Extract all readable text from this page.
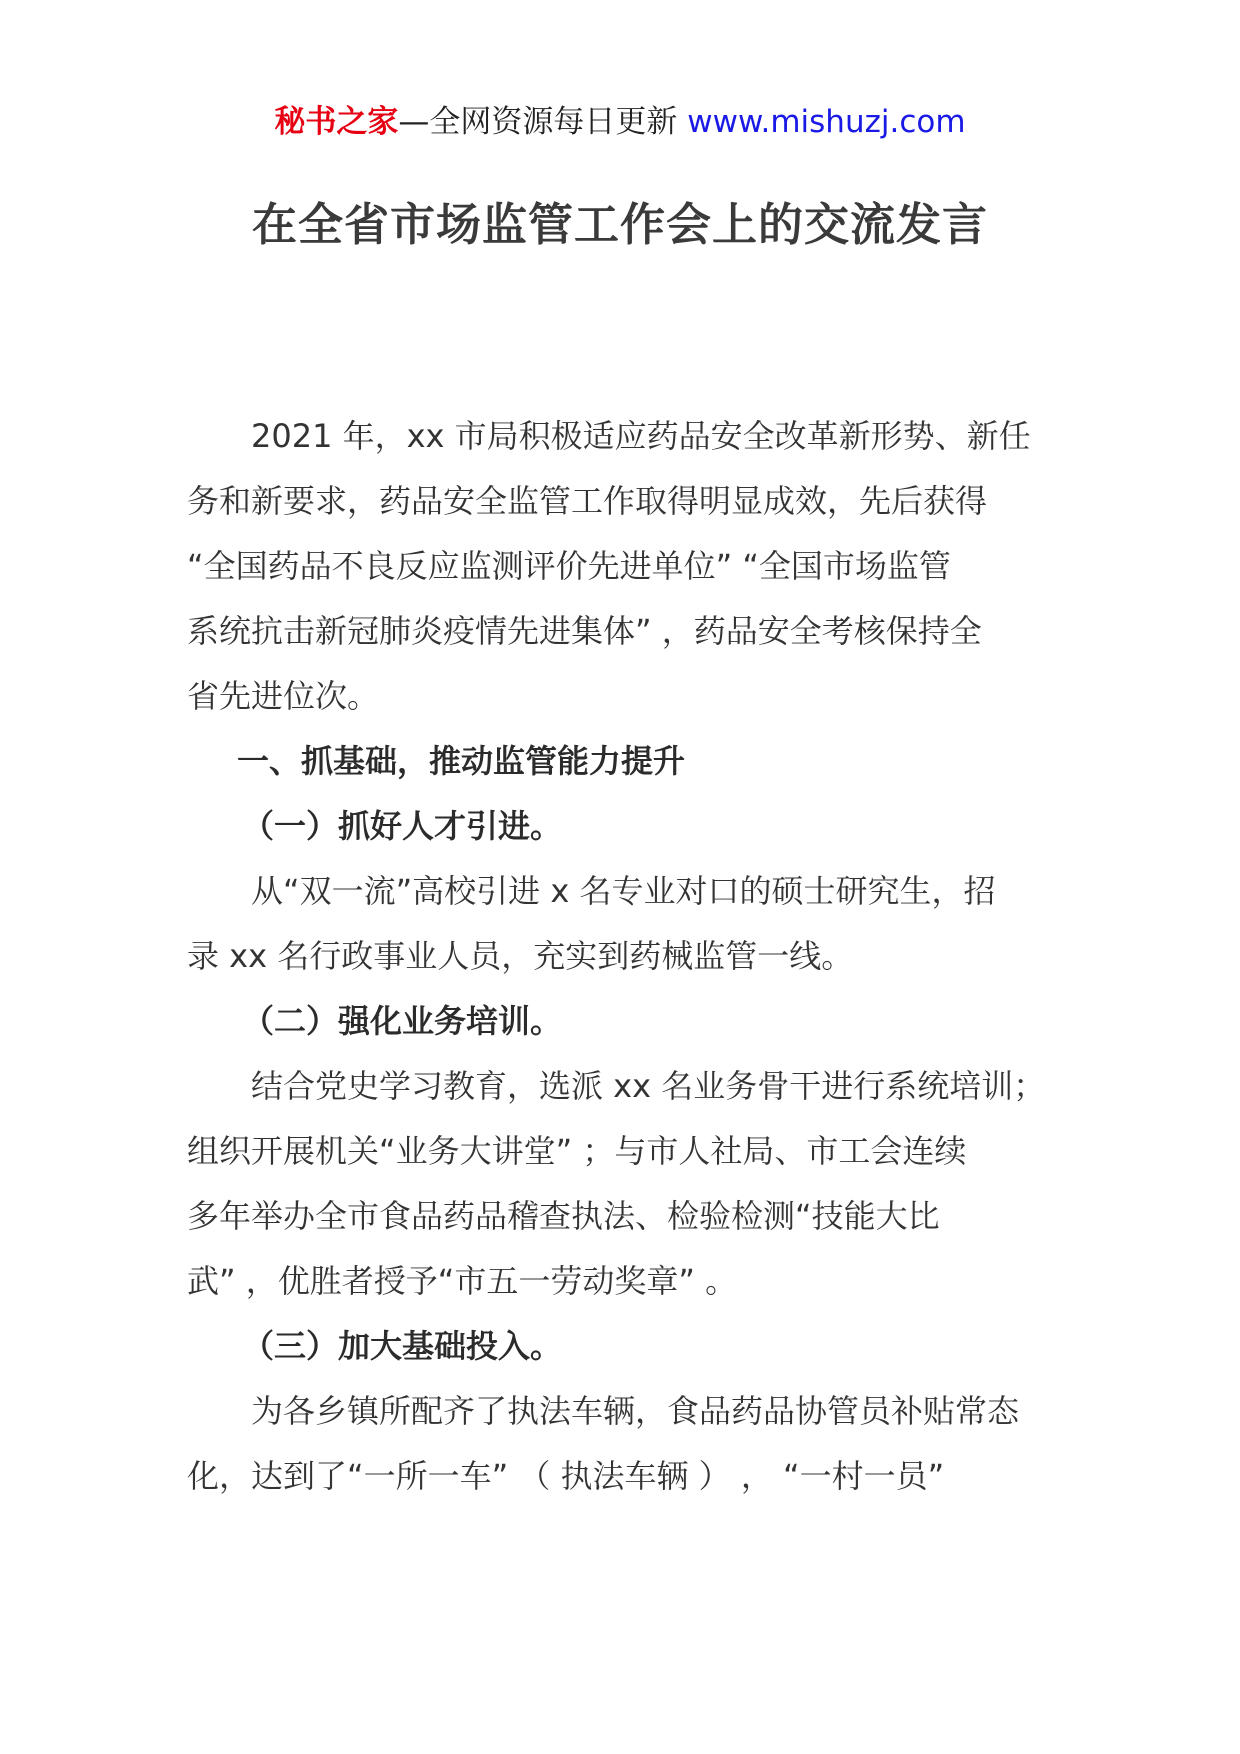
秘书之家—全网资源每日更新 www.mishuzj.com
在全省市场监管工作会上的交流发言

2021 年，xx 市局积极适应药品安全改革新形势、新任

务和新要求，药品安全监管工作取得明显成效，先后获得

“全国药品不良反应监测评价先进单位” “全国市场监管

系统抗击新冠肺炎疫情先进集体” ，药品安全考核保持全

省先进位次。

一、抓基础，推动监管能力提升

（一）抓好人才引进。

从“双一流”高校引进 x 名专业对口的硕士研究生，招

录 xx 名行政事业人员，充实到药械监管一线。

（二）强化业务培训。

结合党史学习教育，选派 xx 名业务骨干进行系统培训；

组织开展机关“业务大讲堂” ；与市人社局、市工会连续

多年举办全市食品药品稽查执法、检验检测“技能大比

武” ，优胜者授予“市五一劳动奖章” 。

（三）加大基础投入。

为各乡镇所配齐了执法车辆，食品药品协管员补贴常态

化，达到了“一所一车” （ 执法车辆 ） ， “一村一员”
